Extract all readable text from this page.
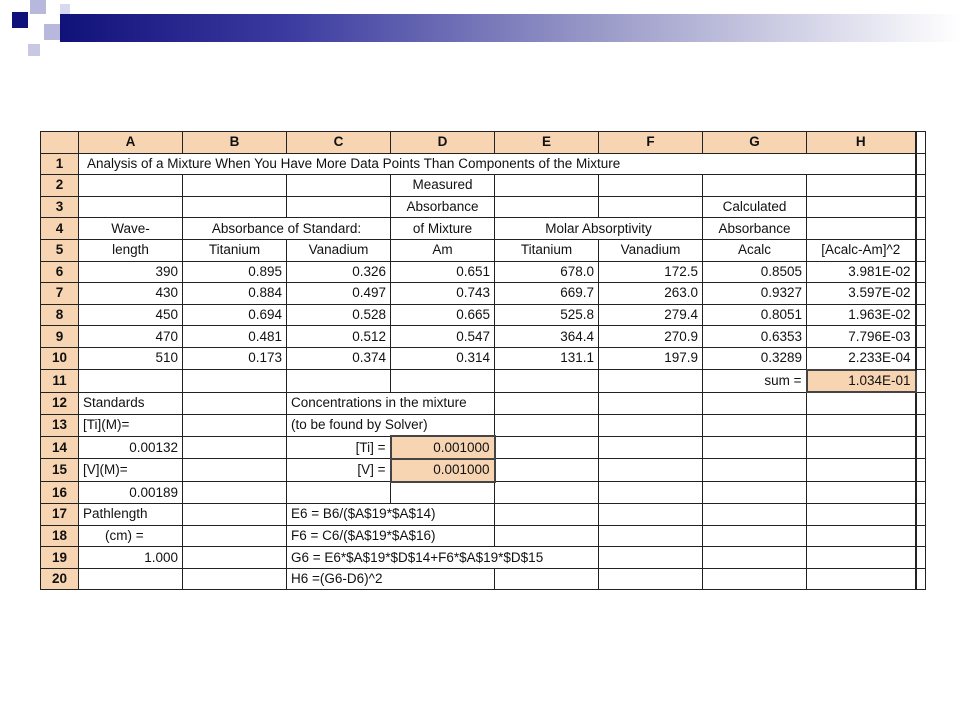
	A	B	C	D	E	F	G	H	
1	Analysis of a Mixture When You Have More Data Points Than Components of the Mixture								
2				Measured					
3				Absorbance			Calculated		
4	Wave-	Absorbance of Standard:		of Mixture	Molar Absorptivity		Absorbance		
5	length	Titanium	Vanadium	Am	Titanium	Vanadium	Acalc	[Acalc-Am]^2	
6	390	0.895	0.326	0.651	678.0	172.5	0.8505	3.981E-02	
7	430	0.884	0.497	0.743	669.7	263.0	0.9327	3.597E-02	
8	450	0.694	0.528	0.665	525.8	279.4	0.8051	1.963E-02	
9	470	0.481	0.512	0.547	364.4	270.9	0.6353	7.796E-03	
10	510	0.173	0.374	0.314	131.1	197.9	0.3289	2.233E-04	
11							sum =	1.034E-01	
12	Standards		Concentrations in the mixture						
13	[Ti](M)=		(to be found by Solver)						
14	0.00132		[Ti] =	0.001000					
15	[V](M)=		[V] =	0.001000					
16	0.00189								
17	Pathlength		E6 = B6/($A$19*$A$14)						
18	(cm) =		F6 = C6/($A$19*$A$16)						
19	1.000		G6 = E6*$A$19*$D$14+F6*$A$19*$D$15						
20			H6 =(G6-D6)^2						
